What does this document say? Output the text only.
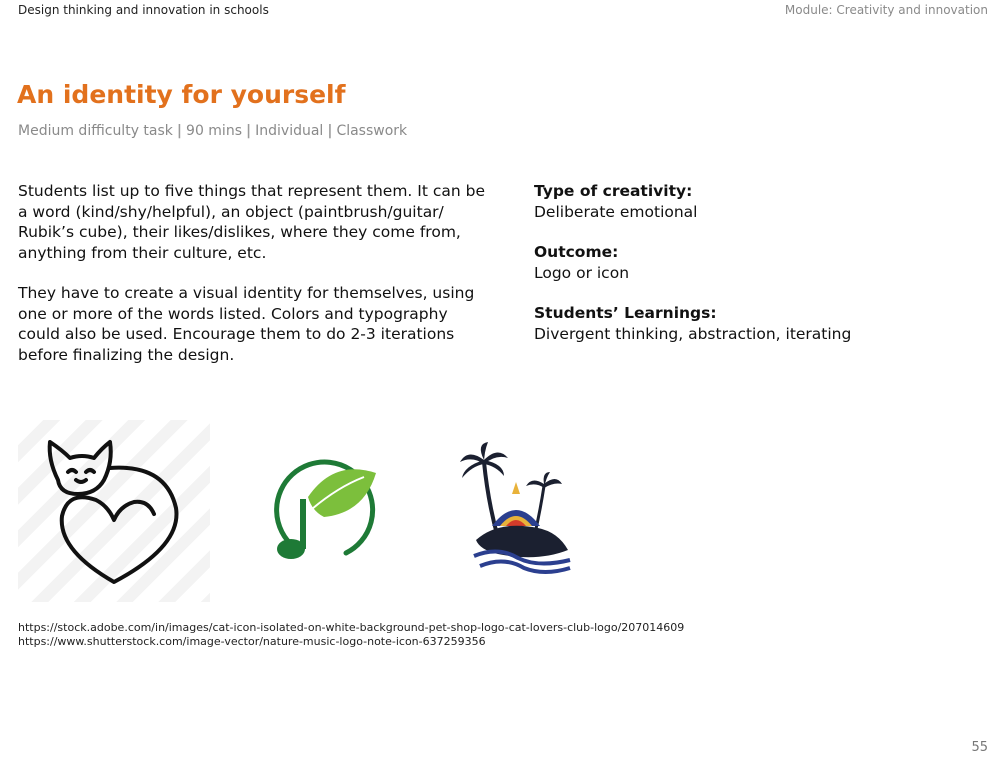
Design thinking and innovation in schools	Module: Creativity and innovation
An identity for yourself
Medium difficulty task | 90 mins | Individual | Classwork

Students list up to five things that represent them. It can be a word (kind/shy/helpful), an object (paintbrush/guitar/ Rubik’s cube), their likes/dislikes, where they come from, anything from their culture, etc.

They have to create a visual identity for themselves, using one or more of the words listed. Colors and typography could also be used. Encourage them to do 2-3 iterations before finalizing the design.

Type of creativity:
Deliberate emotional
Outcome:
Logo or icon
Students’ Learnings:
Divergent thinking, abstraction, iterating
https://stock.adobe.com/in/images/cat-icon-isolated-on-white-background-pet-shop-logo-cat-lovers-club-logo/207014609
https://www.shutterstock.com/image-vector/nature-music-logo-note-icon-637259356
55
